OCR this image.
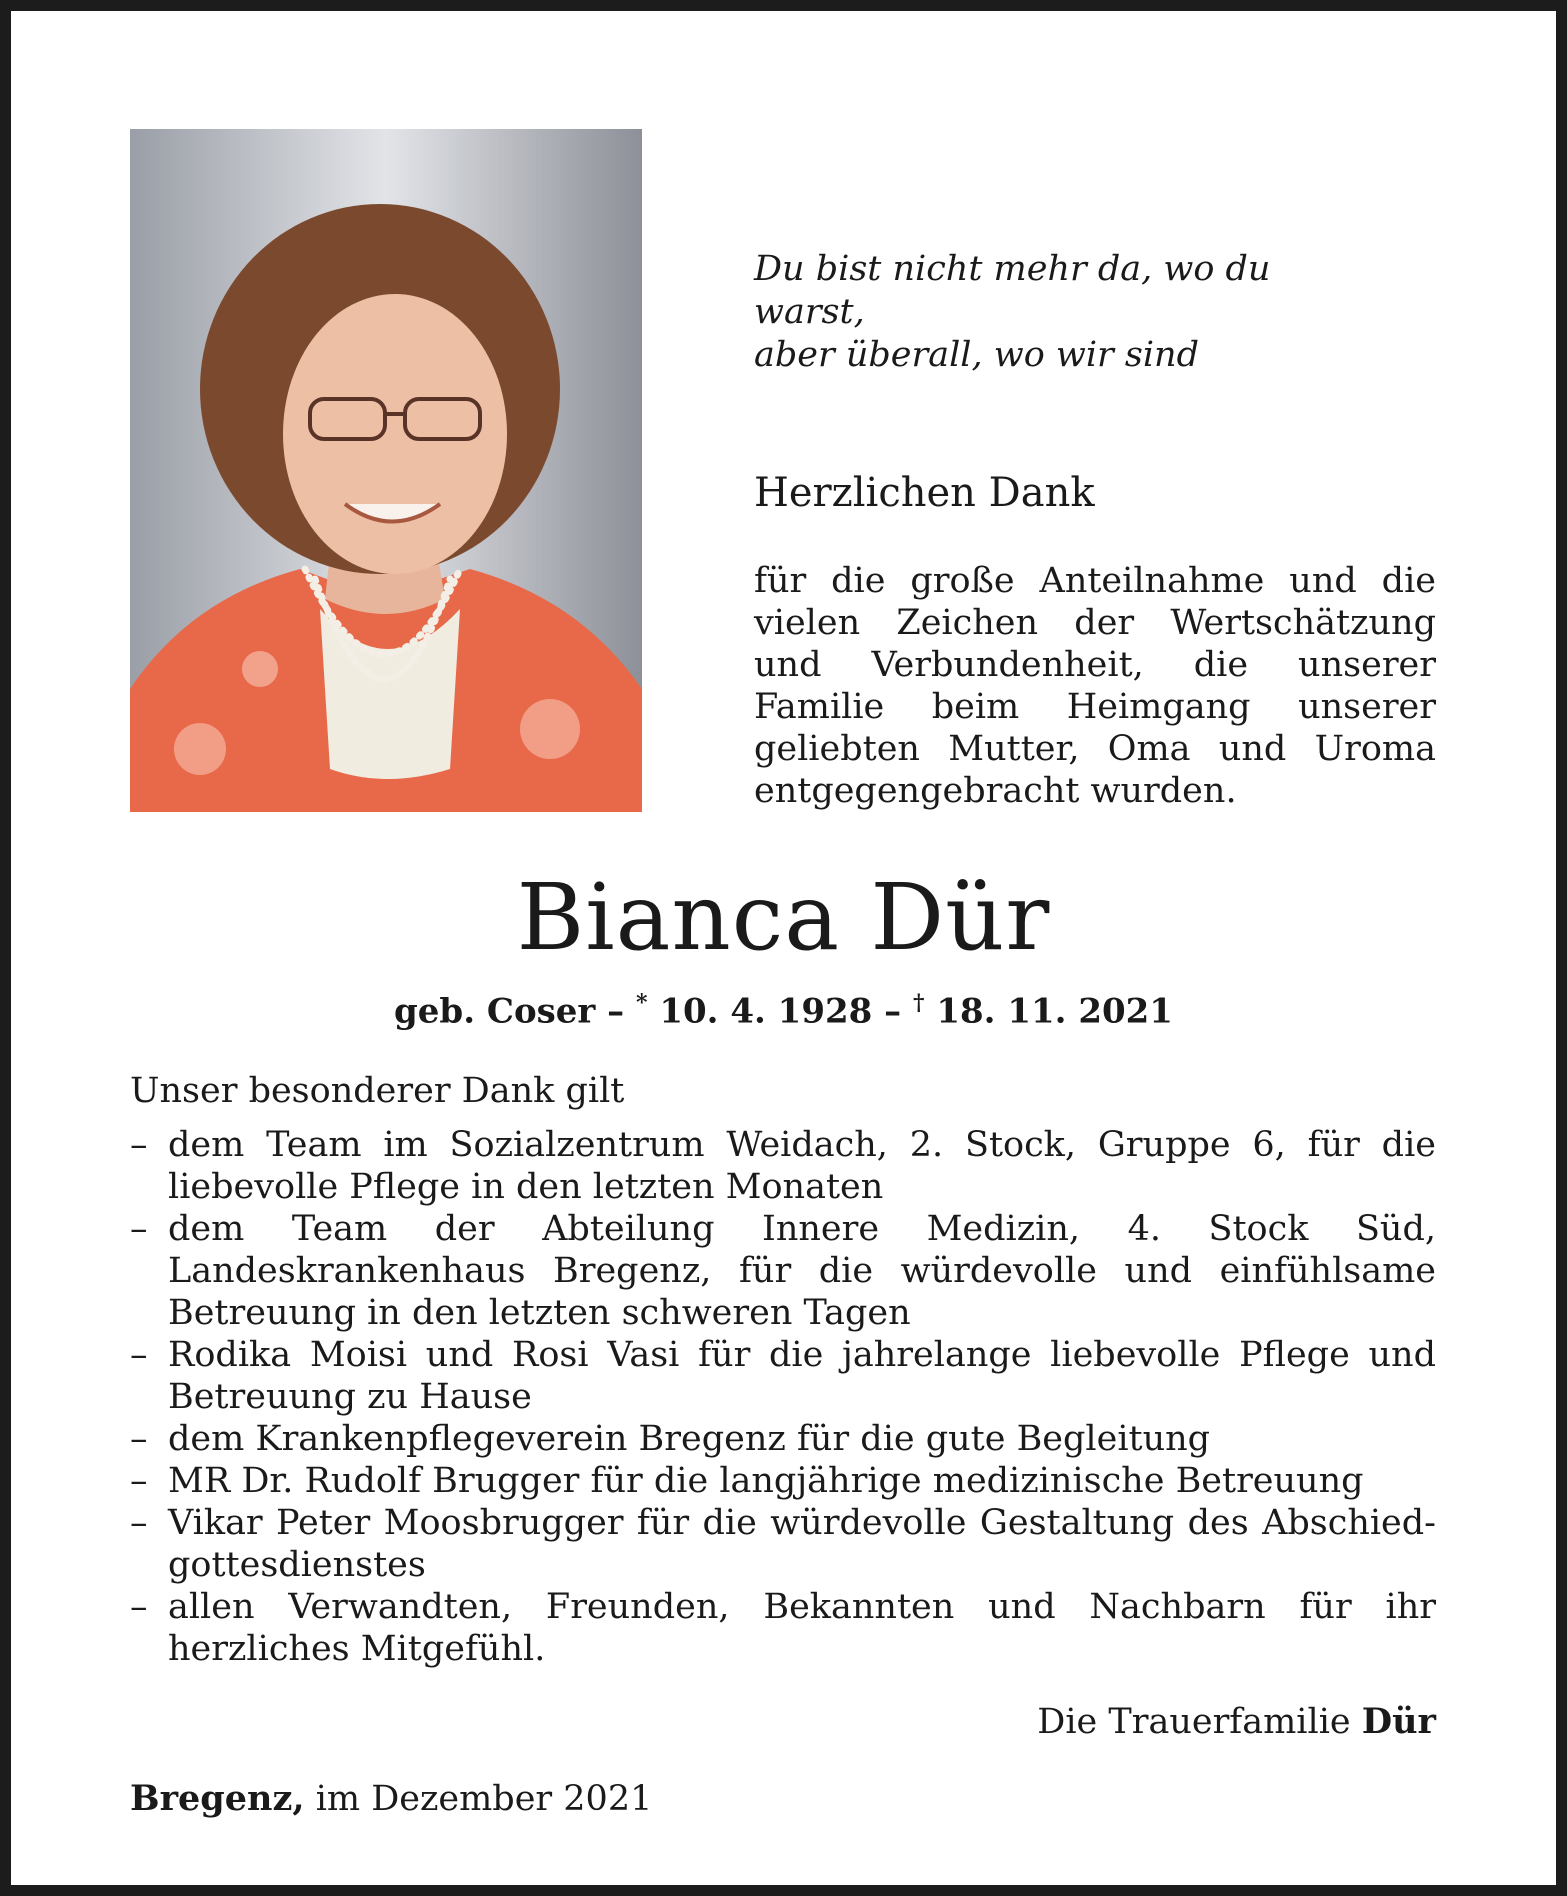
Du bist nicht mehr da, wo du warst,
aber überall, wo wir sind

Herzlichen Dank

für die große Anteilnahme und die vielen Zeichen der Wertschätzung und Verbundenheit, die unserer Familie beim Heimgang unserer geliebten Mutter, Oma und Uroma entgegengebracht wurden.

Bianca Dür

geb. Coser – * 10. 4. 1928 – † 18. 11. 2021

Unser besonderer Dank gilt

– dem Team im Sozialzentrum Weidach, 2. Stock, Gruppe 6, für die liebevolle Pflege in den letzten Monaten
– dem Team der Abteilung Innere Medizin, 4. Stock Süd, Landeskrankenhaus Bregenz, für die würdevolle und einfühlsame Betreuung in den letzten schweren Tagen
– Rodika Moisi und Rosi Vasi für die jahrelange liebevolle Pflege und Betreuung zu Hause
– dem Krankenpflegeverein Bregenz für die gute Begleitung
– MR Dr. Rudolf Brugger für die langjährige medizinische Betreuung
– Vikar Peter Moosbrugger für die würdevolle Gestaltung des Abschiedgottesdienstes
– allen Verwandten, Freunden, Bekannten und Nachbarn für ihr herzliches Mitgefühl.

Die Trauerfamilie Dür

Bregenz, im Dezember 2021
